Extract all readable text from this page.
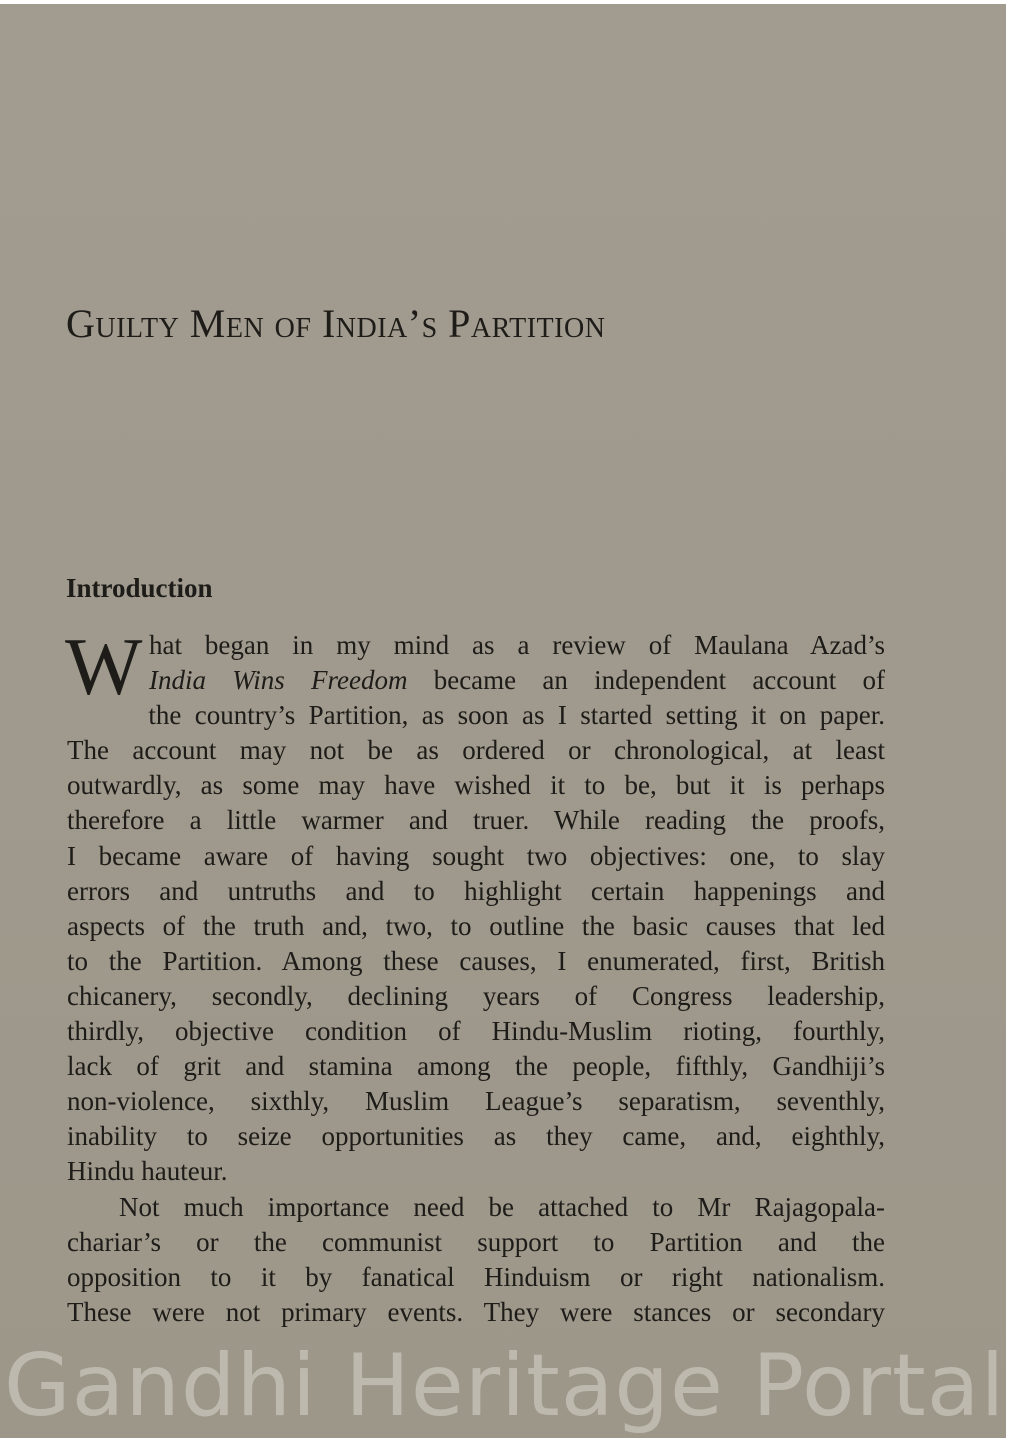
Guilty Men of India’s Partition
Introduction
W hat began in my mind as a review of Maulana Azad’s
India Wins Freedom became an independent account of
the country’s Partition, as soon as I started setting it on paper.
The account may not be as ordered or chronological, at least
outwardly, as some may have wished it to be, but it is perhaps
therefore a little warmer and truer. While reading the proofs,
I became aware of having sought two objectives: one, to slay
errors and untruths and to highlight certain happenings and
aspects of the truth and, two, to outline the basic causes that led
to the Partition. Among these causes, I enumerated, first, British
chicanery, secondly, declining years of Congress leadership,
thirdly, objective condition of Hindu-Muslim rioting, fourthly,
lack of grit and stamina among the people, fifthly, Gandhiji’s
non-violence, sixthly, Muslim League’s separatism, seventhly,
inability to seize opportunities as they came, and, eighthly,
Hindu hauteur.
Not much importance need be attached to Mr Rajagopala-
chariar’s or the communist support to Partition and the
opposition to it by fanatical Hinduism or right nationalism.
These were not primary events. They were stances or secondary
Gandhi Heritage Portal
